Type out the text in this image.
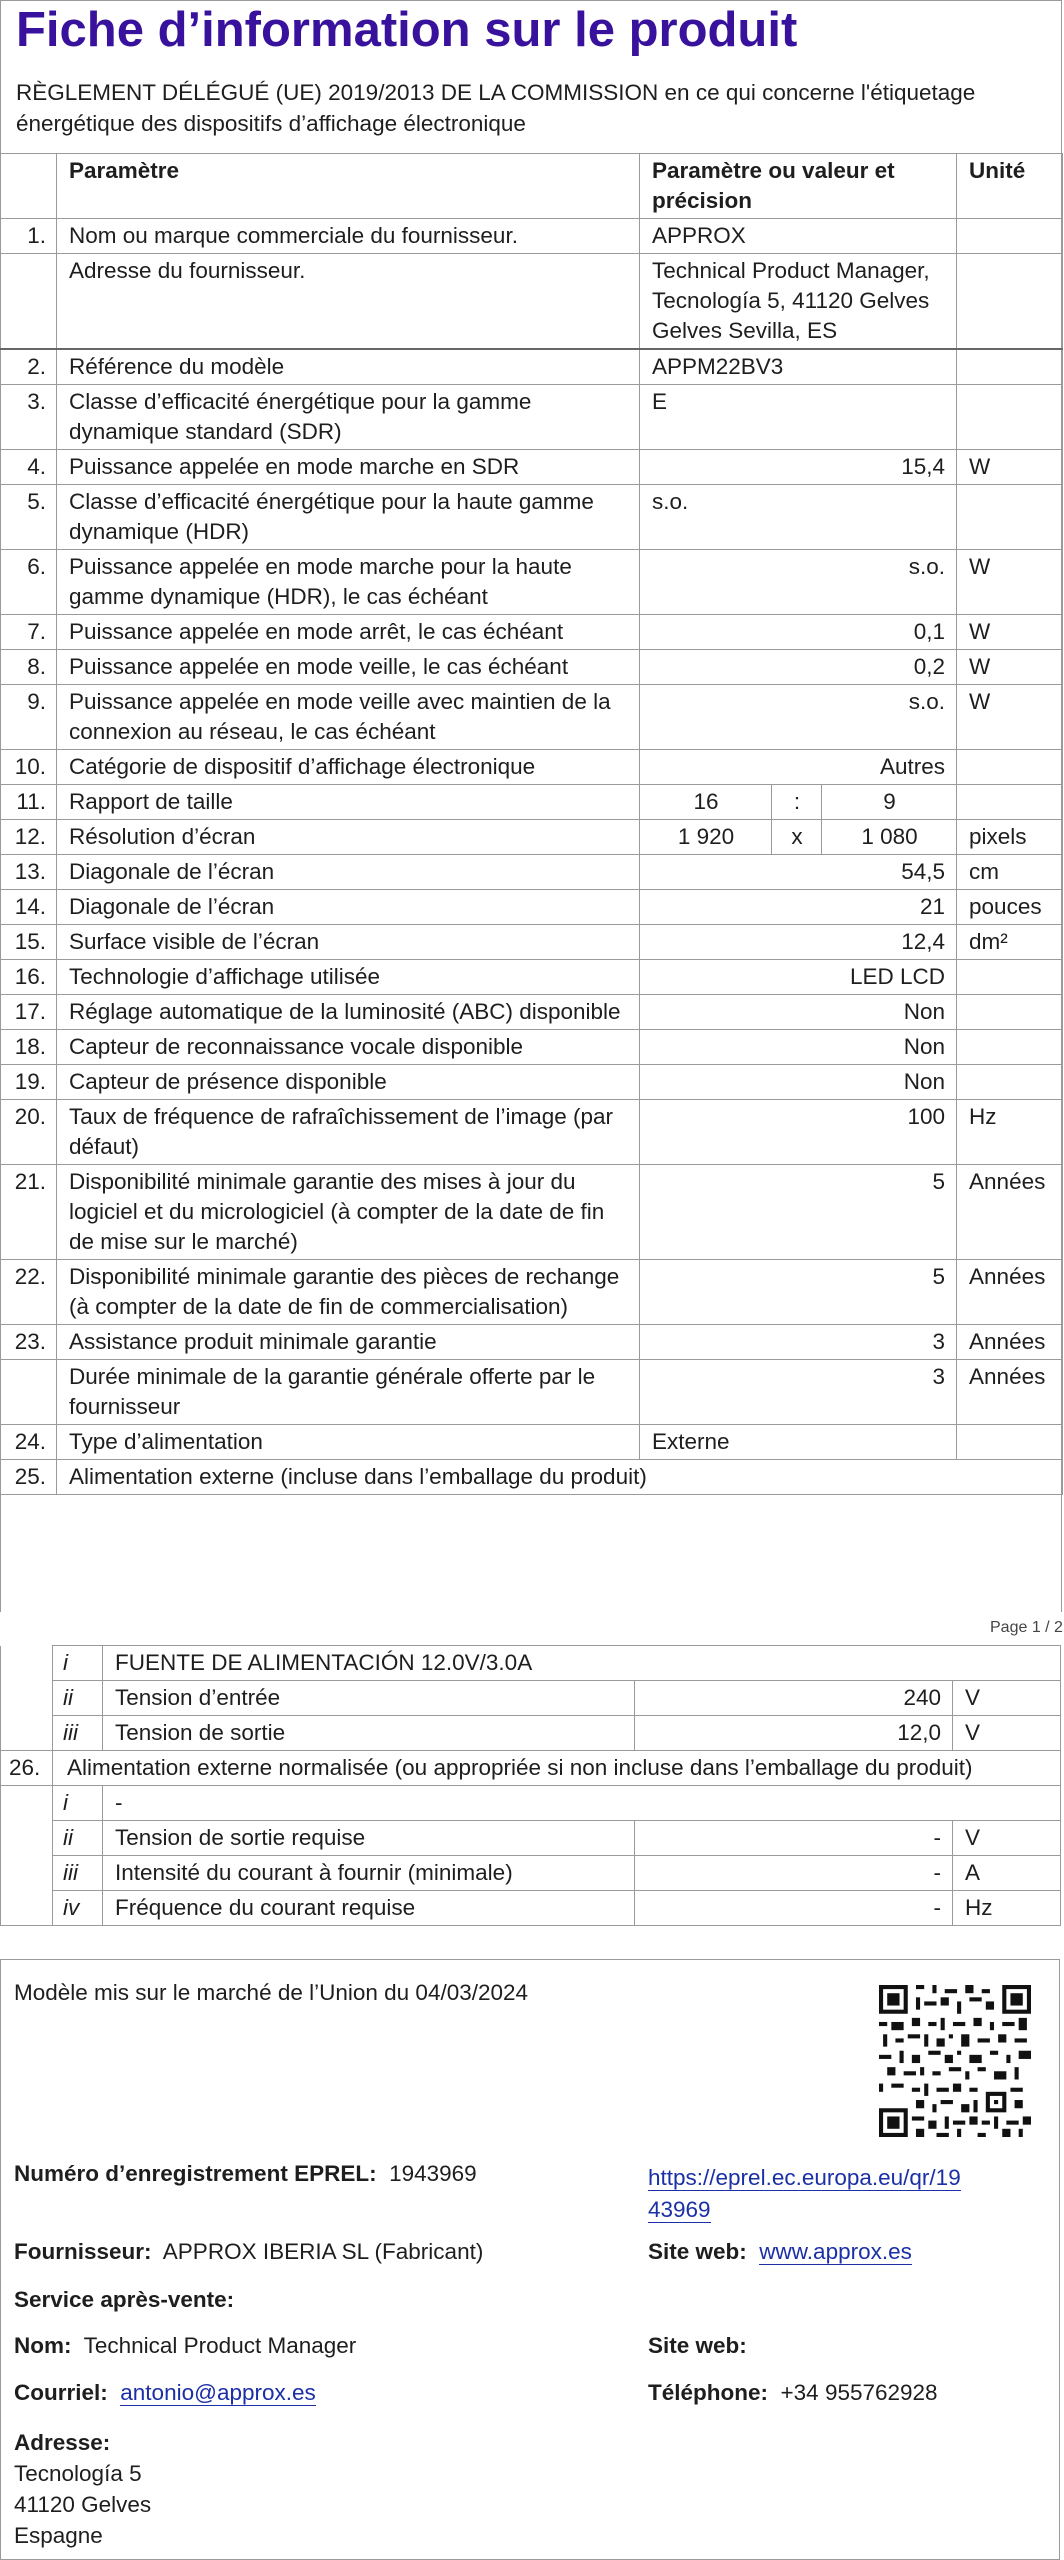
Fiche d’information sur le produit
RÈGLEMENT DÉLÉGUÉ (UE) 2019/2013 DE LA COMMISSION en ce qui concerne l'étiquetage énergétique des dispositifs d’affichage électronique
	Paramètre	Paramètre ou valeur et précision			Unité
1.	Nom ou marque commerciale du fournisseur.	APPROX			
	Adresse du fournisseur.	Technical Product Manager, Tecnología 5, 41120 Gelves Gelves Sevilla, ES			
2.	Référence du modèle	APPM22BV3			
3.	Classe d’efficacité énergétique pour la gamme dynamique standard (SDR)	E			
4.	Puissance appelée en mode marche en SDR	15,4			W
5.	Classe d’efficacité énergétique pour la haute gamme dynamique (HDR)	s.o.			
6.	Puissance appelée en mode marche pour la haute gamme dynamique (HDR), le cas échéant	s.o.			W
7.	Puissance appelée en mode arrêt, le cas échéant	0,1			W
8.	Puissance appelée en mode veille, le cas échéant	0,2			W
9.	Puissance appelée en mode veille avec maintien de la connexion au réseau, le cas échéant	s.o.			W
10.	Catégorie de dispositif d’affichage électronique	Autres			
11.	Rapport de taille	16	:	9	
12.	Résolution d’écran	1 920	x	1 080	pixels
13.	Diagonale de l’écran	54,5			cm
14.	Diagonale de l’écran	21			pouces
15.	Surface visible de l’écran	12,4			dm²
16.	Technologie d’affichage utilisée	LED LCD			
17.	Réglage automatique de la luminosité (ABC) disponible	Non			
18.	Capteur de reconnaissance vocale disponible	Non			
19.	Capteur de présence disponible	Non			
20.	Taux de fréquence de rafraîchissement de l’image (par défaut)	100			Hz
21.	Disponibilité minimale garantie des mises à jour du logiciel et du micrologiciel (à compter de la date de fin de mise sur le marché)	5			Années
22.	Disponibilité minimale garantie des pièces de rechange (à compter de la date de fin de commercialisation)	5			Années
23.	Assistance produit minimale garantie	3			Années
	Durée minimale de la garantie générale offerte par le fournisseur	3			Années
24.	Type d’alimentation	Externe			
25.	Alimentation externe (incluse dans l’emballage du produit)				
Page 1 / 2
	i	FUENTE DE ALIMENTACIÓN 12.0V/3.0A		
	ii	Tension d’entrée	240	V
	iii	Tension de sortie	12,0	V
26.	Alimentation externe normalisée (ou appropriée si non incluse dans l’emballage du produit)			
	i	-		
	ii	Tension de sortie requise	-	V
	iii	Intensité du courant à fournir (minimale)	-	A
	iv	Fréquence du courant requise	-	Hz
Modèle mis sur le marché de l’Union du 04/03/2024
Numéro d’enregistrement EPREL: 1943969	https://eprel.ec.europa.eu/qr/19
43969
Fournisseur: APPROX IBERIA SL (Fabricant)	Site web: www.approx.es
Service après-vente:
Nom: Technical Product Manager	Site web:
Courriel: antonio@approx.es	Téléphone: +34 955762928
Adresse:
Tecnología 5
41120 Gelves
Espagne
